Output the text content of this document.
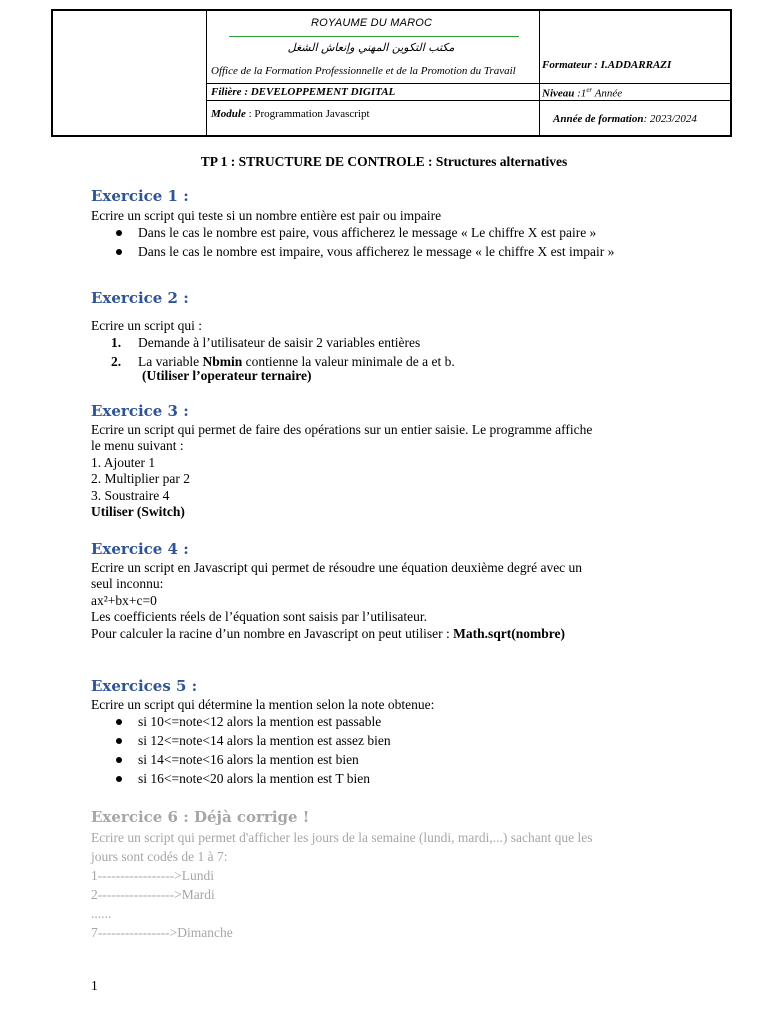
ROYAUME DU MAROC
مكتب التكوين المهني وإنعاش الشغل
Office de la Formation Professionnelle et de la Promotion du Travail Formateur : I.ADDARRAZI
Filière : DEVELOPPEMENT DIGITAL	Niveau :1er Année
Module : Programmation Javascript	Année de formation: 2023/2024
TP 1 : STRUCTURE DE CONTROLE : Structures alternatives
Exercice 1 :
Ecrire un script qui teste si un nombre entière est pair ou impaire
Dans le cas le nombre est paire, vous afficherez le message « Le chiffre X est paire »
Dans le cas le nombre est impaire, vous afficherez le message « le chiffre X est impair »
Exercice 2 :
Ecrire un script qui :
1. Demande à l’utilisateur de saisir 2 variables entières
2. La variable Nbmin contienne la valeur minimale de a et b.
(Utiliser l’operateur ternaire)
Exercice 3 :
Ecrire un script qui permet de faire des opérations sur un entier saisie. Le programme affiche
le menu suivant :
1. Ajouter 1
2. Multiplier par 2
3. Soustraire 4
Utiliser (Switch)
Exercice 4 :
Ecrire un script en Javascript qui permet de résoudre une équation deuxième degré avec un
seul inconnu:
ax²+bx+c=0
Les coefficients réels de l’équation sont saisis par l’utilisateur.
Pour calculer la racine d’un nombre en Javascript on peut utiliser : Math.sqrt(nombre)
Exercices 5 :
Ecrire un script qui détermine la mention selon la note obtenue:
si 10<=note<12 alors la mention est passable
si 12<=note<14 alors la mention est assez bien
si 14<=note<16 alors la mention est bien
si 16<=note<20 alors la mention est T bien
Exercice 6 : Déjà corrige !
Ecrire un script qui permet d'afficher les jours de la semaine (lundi, mardi,...) sachant que les
jours sont codés de 1 à 7:
1----------------->Lundi
2----------------->Mardi
......
7---------------->Dimanche
1
